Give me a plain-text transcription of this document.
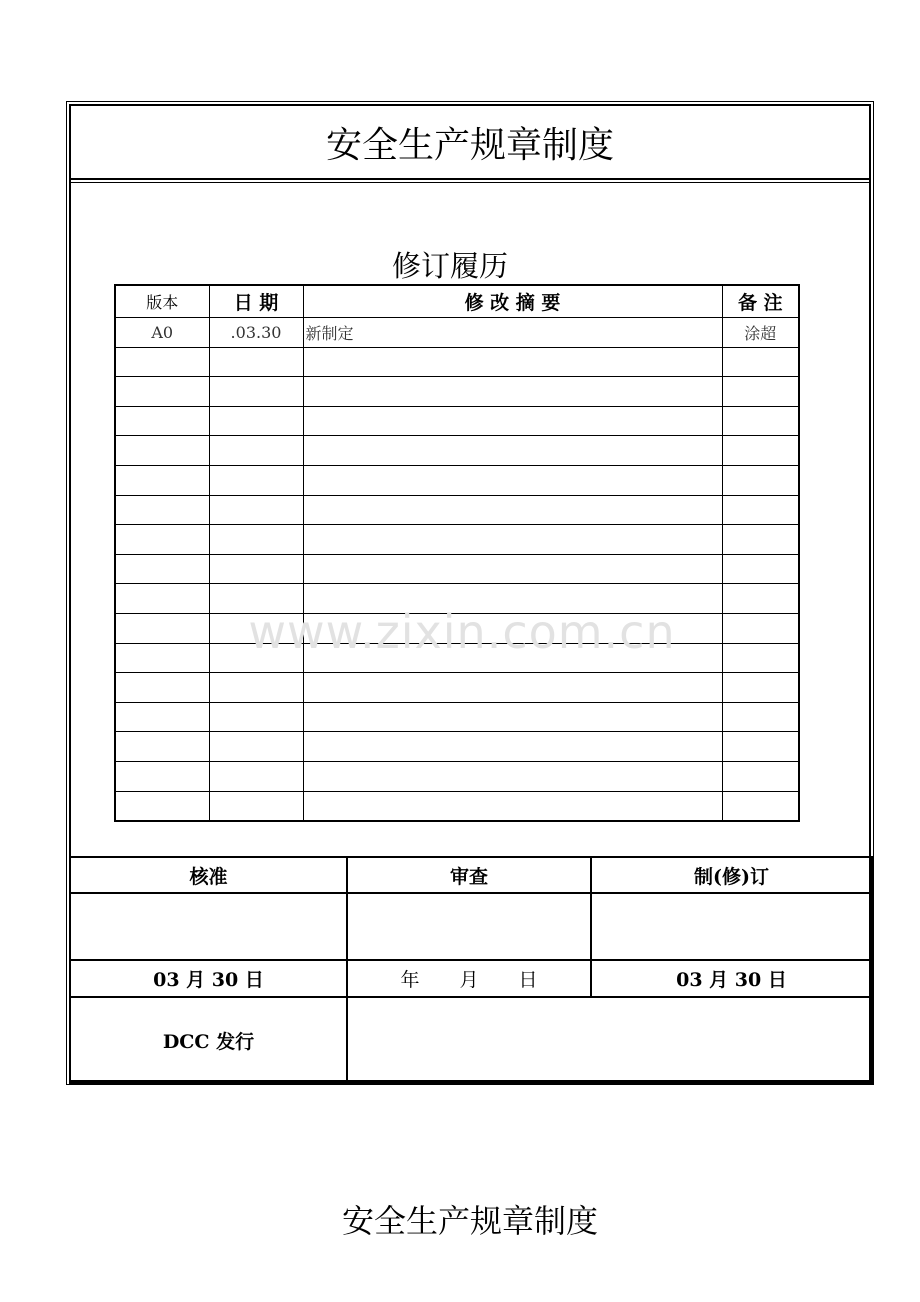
安全生产规章制度
修订履历
版本	日 期	修 改 摘 要	备 注
A0	.03.30	新制定	涂超

www.zixin.com.cn
核准	审查	制(修)订

03 月 30 日	年 月 日	03 月 30 日
DCC 发行		
安全生产规章制度
